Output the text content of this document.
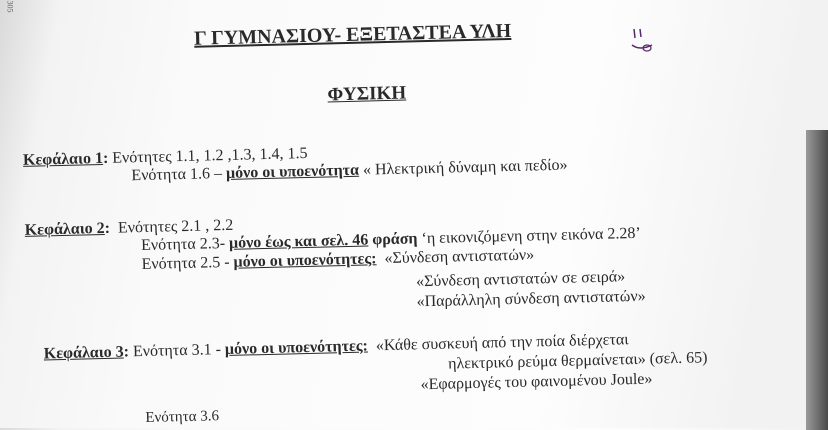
305
Γ ΓΥΜΝΑΣΙΟΥ- ΕΞΕΤΑΣΤΕΑ ΥΛΗ
ΦΥΣΙΚΗ
Κεφάλαιο 1: Ενότητες 1.1, 1.2 ,1.3, 1.4, 1.5
Ενότητα 1.6 – μόνο οι υποενότητα « Ηλεκτρική δύναμη και πεδίο»
Κεφάλαιο 2: Ενότητες 2.1 , 2.2
Ενότητα 2.3- μόνο έως και σελ. 46 φράση ‘η εικονιζόμενη στην εικόνα 2.28’
Ενότητα 2.5 - μόνο οι υποενότητες: «Σύνδεση αντιστατών»
«Σύνδεση αντιστατών σε σειρά»
«Παράλληλη σύνδεση αντιστατών»
Κεφάλαιο 3: Ενότητα 3.1 - μόνο οι υποενότητες: «Κάθε συσκευή από την ποία διέρχεται
ηλεκτρικό ρεύμα θερμαίνεται» (σελ. 65)
«Εφαρμογές του φαινομένου Joule»
Ενότητα 3.6
